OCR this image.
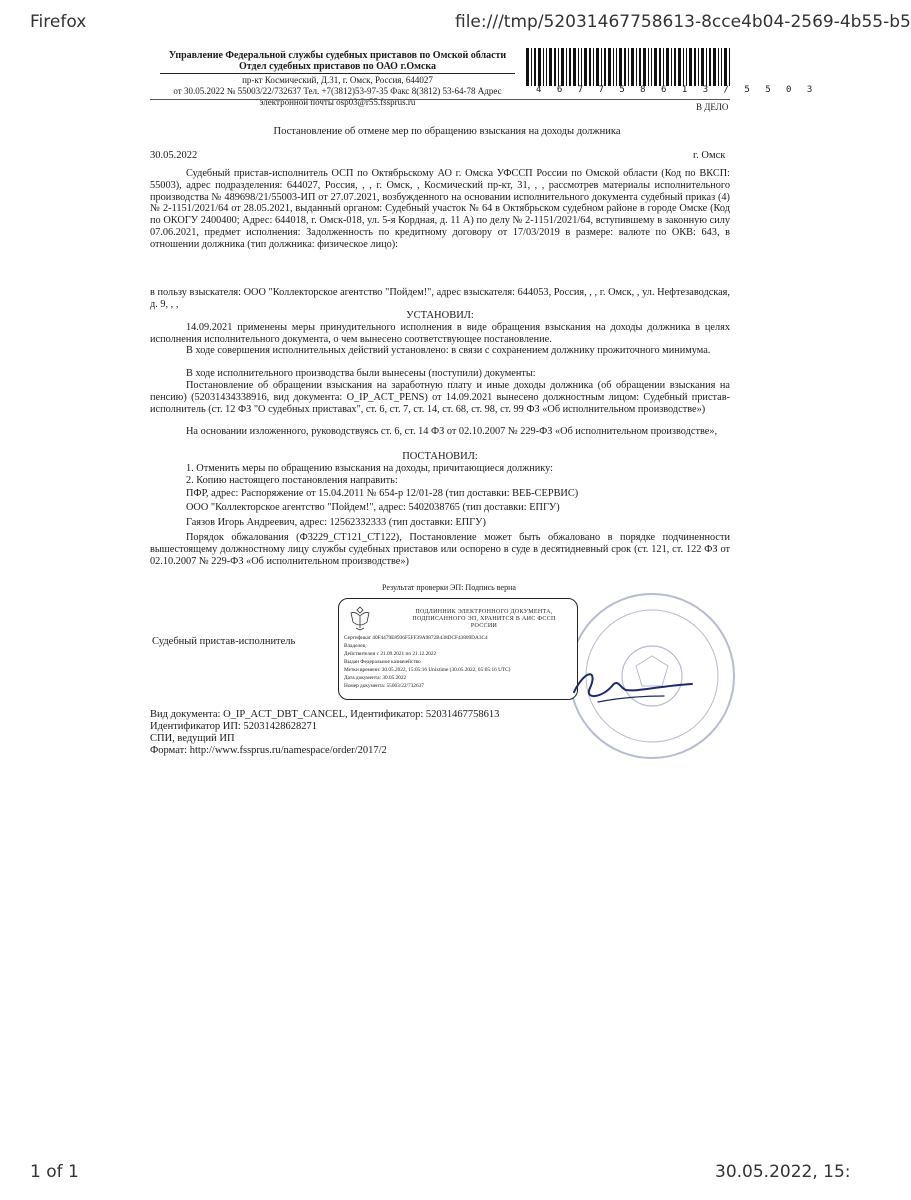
Firefox	file:///tmp/52031467758613-8cce4b04-2569-4b55-b5
Управление Федеральной службы судебных приставов по Омской области
Отдел судебных приставов по ОАО г.Омска
пр-кт Космический, Д.31, г. Омск, Россия, 644027
от 30.05.2022 № 55003/22/732637 Тел. +7(3812)53-97-35 Факс 8(3812) 53-64-78 Адрес
электронной почты osp03@r55.fssprus.ru
4 6 7 7 5 8 6 1 3 / 5 5 0 3
В ДЕЛО
Постановление об отмене мер по обращению взыскания на доходы должника
30.05.2022	г. Омск
Судебный пристав-исполнитель ОСП по Октябрьскому АО г. Омска УФССП России по Омской области (Код по ВКСП: 55003), адрес подразделения: 644027, Россия, , , г. Омск, , Космический пр-кт, 31, , , рассмотрев материалы исполнительного производства № 489698/21/55003-ИП от 27.07.2021, возбужденного на основании исполнительного документа судебный приказ (4) № 2-1151/2021/64 от 28.05.2021, выданный органом: Судебный участок № 64 в Октябрьском судебном районе в городе Омске (Код по ОКОГУ 2400400; Адрес: 644018, г. Омск-018, ул. 5-я Кордная, д. 11 А) по делу № 2-1151/2021/64, вступившему в законную силу 07.06.2021, предмет исполнения: Задолженность по кредитному договору от 17/03/2019 в размере: валюте по ОКВ: 643, в отношении должника (тип должника: физическое лицо):
в пользу взыскателя: ООО "Коллекторское агентство "Пойдем!", адрес взыскателя: 644053, Россия, , , г. Омск, , ул. Нефтезаводская, д. 9, , ,
УСТАНОВИЛ:
14.09.2021 применены меры принудительного исполнения в виде обращения взыскания на доходы должника в целях исполнения исполнительного документа, о чем вынесено соответствующее постановление.
В ходе совершения исполнительных действий установлено: в связи с сохранением должнику прожиточного минимума.
В ходе исполнительного производства были вынесены (поступили) документы:
Постановление об обращении взыскания на заработную плату и иные доходы должника (об обращении взыскания на пенсию) (52031434338916, вид документа: O_IP_ACT_PENS) от 14.09.2021 вынесено должностным лицом: Судебный пристав-исполнитель (ст. 12 ФЗ "О судебных приставах", ст. 6, ст. 7, ст. 14, ст. 68, ст. 98, ст. 99 ФЗ «Об исполнительном производстве»)
На основании изложенного, руководствуясь ст. 6, ст. 14 ФЗ от 02.10.2007 № 229-ФЗ «Об исполнительном производстве»,
ПОСТАНОВИЛ:
1. Отменить меры по обращению взыскания на доходы, причитающиеся должнику:
2. Копию настоящего постановления направить:
ПФР, адрес: Распоряжение от 15.04.2011 № 654-р 12/01-28 (тип доставки: ВЕБ-СЕРВИС)
ООО "Коллекторское агентство "Пойдем!", адрес: 5402038765 (тип доставки: ЕПГУ)
Гаязов Игорь Андреевич, адрес: 12562332333 (тип доставки: ЕПГУ)
Порядок обжалования (Ф3229_СТ121_СТ122), Постановление может быть обжаловано в порядке подчиненности вышестоящему должностному лицу службы судебных приставов или оспорено в суде в десятидневный срок (ст. 121, ст. 122 ФЗ от 02.10.2007 № 229-ФЗ «Об исполнительном производстве»)
Результат проверки ЭП: Подпись верна
Судебный пристав-исполнитель
ПОДЛИННИК ЭЛЕКТРОННОГО ДОКУМЕНТА,
ПОДПИСАННОГО ЭП, ХРАНИТСЯ В АИС ФССП РОССИИ
Сертификат 40F4479E8936F5FF39A9872B438DCF43809DA3C4
Владелец
Действителен с 21.09.2021 по 21.12.2022
Выдан Федеральное казначейство
Метки времени: 30.05.2022, 15:05:16 Unixtime (30.05.2022, 05:05:16 UTC)
Дата документа: 30.05.2022
Номер документа: 55003/22/732637
Вид документа: O_IP_ACT_DBT_CANCEL, Идентификатор: 52031467758613
Идентификатор ИП: 52031428628271
СПИ, ведущий ИП
Формат: http://www.fssprus.ru/namespace/order/2017/2
1 of 1	30.05.2022, 15:
